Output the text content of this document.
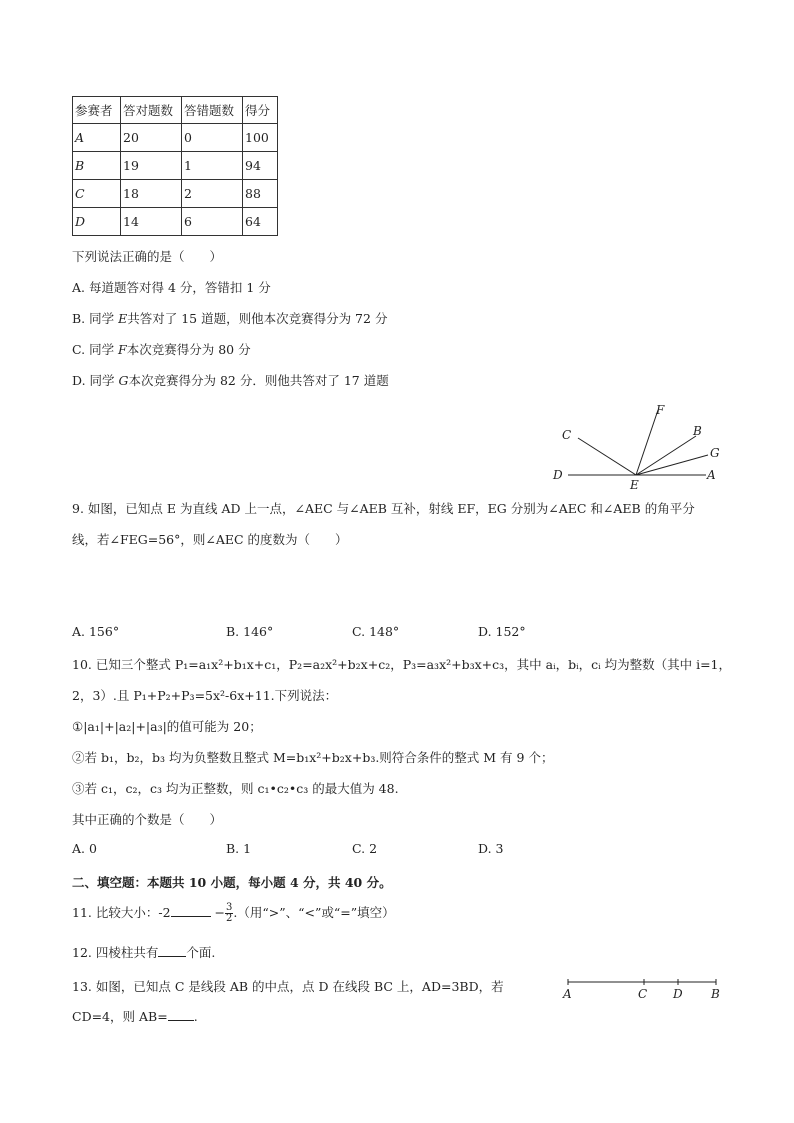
参赛者	答对题数	答错题数	得分
A	20	0	100
B	19	1	94
C	18	2	88
D	14	6	64
下列说法正确的是（　　）
A. 每道题答对得 4 分，答错扣 1 分
B. 同学 E共答对了 15 道题，则他本次竞赛得分为 72 分
C. 同学 F本次竞赛得分为 80 分
D. 同学 G本次竞赛得分为 82 分．则他共答对了 17 道题
F
C	B
G
D	A
E
9. 如图，已知点 E 为直线 AD 上一点，∠AEC 与∠AEB 互补，射线 EF，EG 分别为∠AEC 和∠AEB 的角平分
线，若∠FEG=56°，则∠AEC 的度数为（　　）
A. 156°	B. 146°	C. 148°	D. 152°
10. 已知三个整式 P₁=a₁x²+b₁x+c₁，P₂=a₂x²+b₂x+c₂，P₃=a₃x²+b₃x+c₃，其中 aᵢ，bᵢ，cᵢ 均为整数（其中 i=1，
2，3）.且 P₁+P₂+P₃=5x²-6x+11.下列说法：
①|a₁|+|a₂|+|a₃|的值可能为 20；
②若 b₁，b₂，b₃ 均为负整数且整式 M=b₁x²+b₂x+b₃.则符合条件的整式 M 有 9 个；
③若 c₁，c₂，c₃ 均为正整数，则 c₁•c₂•c₃ 的最大值为 48.
其中正确的个数是（　　）
A. 0	B. 1	C. 2	D. 3
二、填空题：本题共 10 小题，每小题 4 分，共 40 分。
11. 比较大小：-2	− $\frac{3}{2}$ .（用“>”、“<”或“=”填空）
12. 四棱柱共有 个面.
13. 如图，已知点 C 是线段 AB 的中点，点 D 在线段 BC 上，AD=3BD，若
CD=4，则 AB= .
A	C D B
